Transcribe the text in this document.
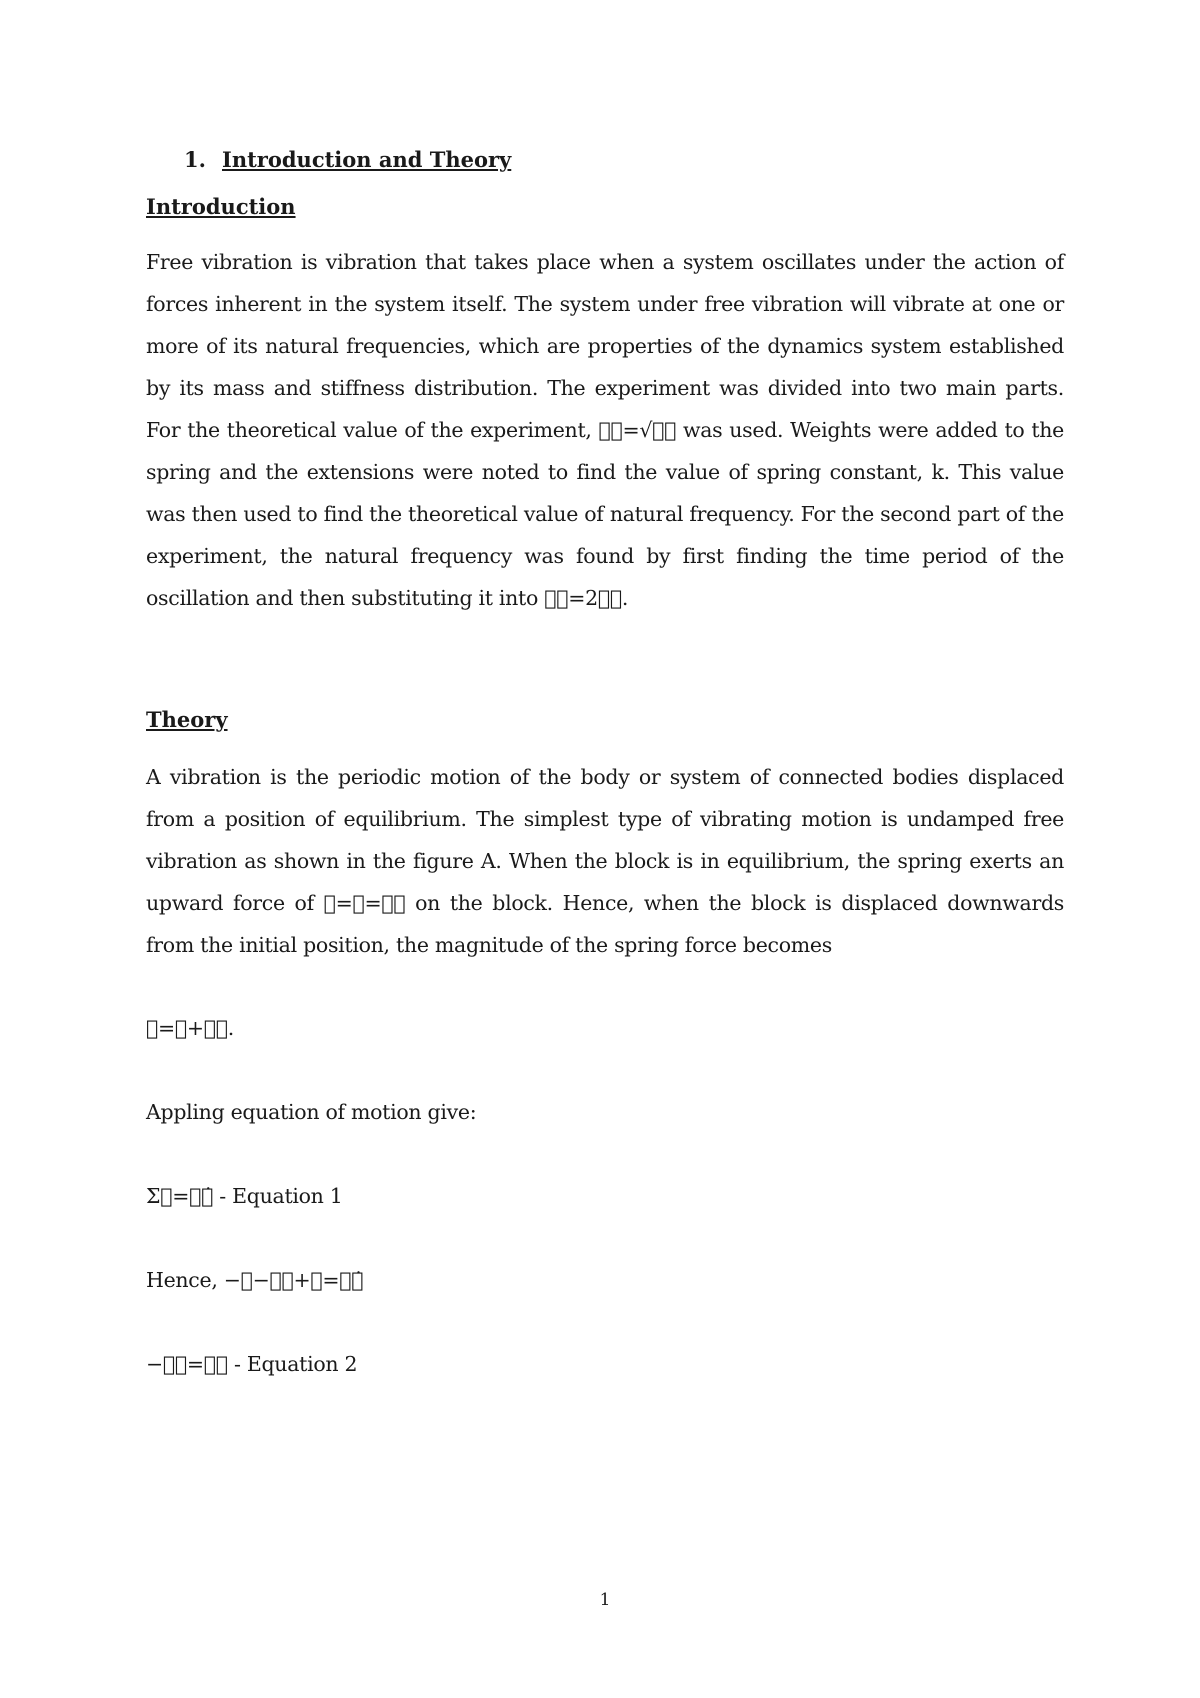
1. Introduction and Theory
Introduction
Free vibration is vibration that takes place when a system oscillates under the action of forces inherent in the system itself. The system under free vibration will vibrate at one or more of its natural frequencies, which are properties of the dynamics system established by its mass and stiffness distribution. The experiment was divided into two main parts. For the theoretical value of the experiment,   =√   was used. Weights were added to the spring and the extensions were noted to find the value of spring constant, k. This value was then used to find the theoretical value of natural frequency. For the second part of the experiment, the natural frequency was found by first finding the time period of the oscillation and then substituting it into   =2  .
Theory
A vibration is the periodic motion of the body or system of connected bodies displaced from a position of equilibrium. The simplest type of vibrating motion is undamped free vibration as shown in the figure A. When the block is in equilibrium, the spring exerts an upward force of  = =   on the block. Hence, when the block is displaced downwards from the initial position, the magnitude of the spring force becomes
 = +  .
Appling equation of motion give:
Σ =  ̇ - Equation 1
Hence, − −  + =  ̇
−  =   - Equation 2
1
